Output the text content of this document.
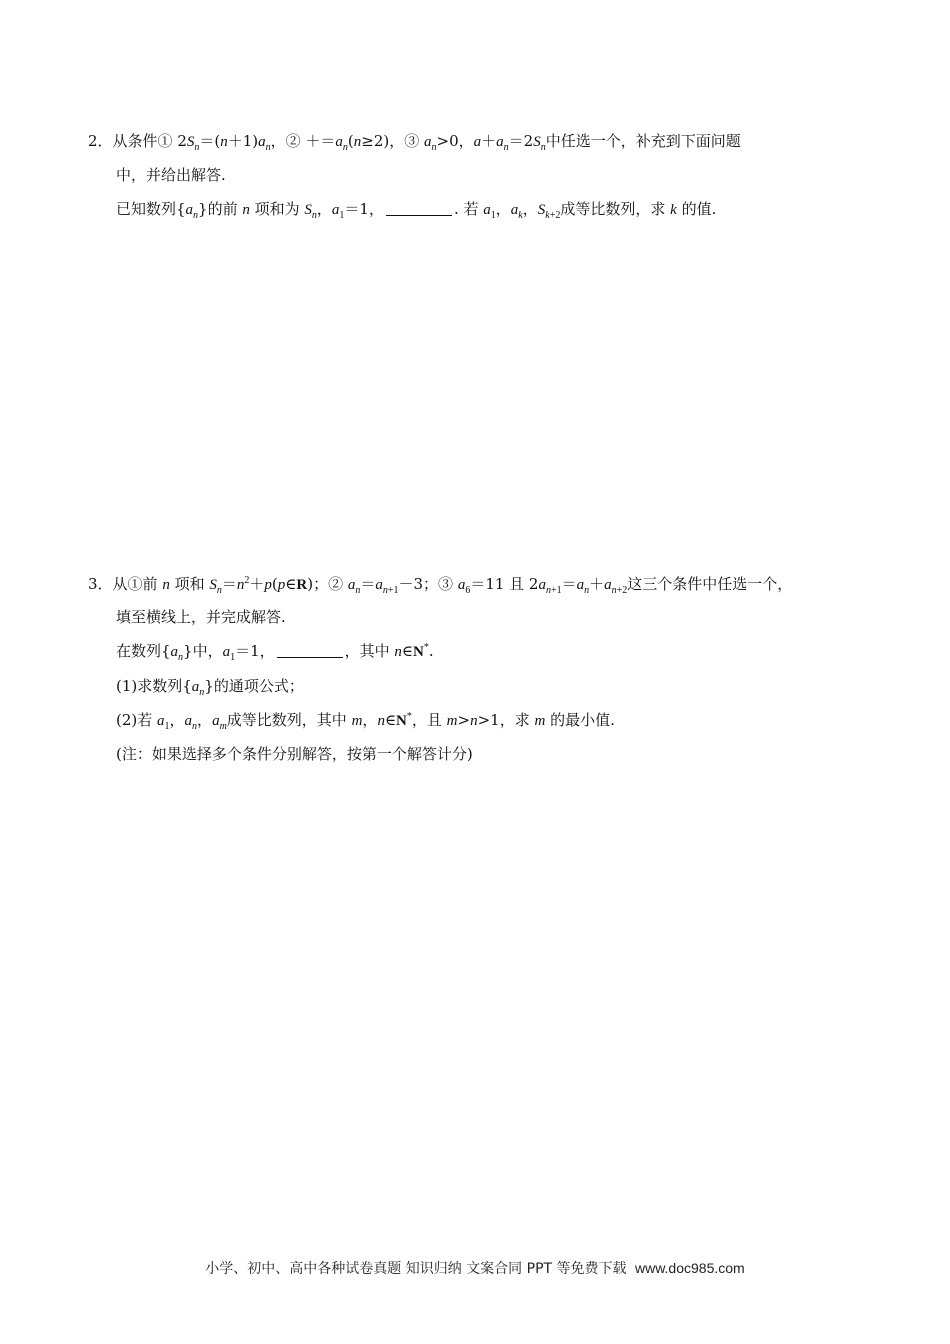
2．从条件① $2S_n=(n+1)a_n$，② $+=a_n(n\ge 2)$，③ $a_n>0$，$a+a_n=2S_n$中任选一个，补充到下面问题
中，并给出解答.
已知数列$\{a_n\}$的前 n 项和为 $S_n$，$a_1=1$，	. 若 $a_1$，$a_k$，$S_{k+2}$成等比数列，求 k 的值.
3．从①前 n 项和 $S_n=n^2+p(p\in R)$；② $a_n=a_{n+1}-3$；③ $a_6=11$ 且 $2a_{n+1}=a_n+a_{n+2}$这三个条件中任选一个，
填至横线上，并完成解答.
在数列$\{a_n\}$中，$a_1=1$，	，其中 n∈N*.
(1)求数列$\{a_n\}$的通项公式；
(2)若 $a_1$，$a_n$，$a_m$成等比数列，其中 m，n∈N*，且 m>n>1，求 m 的最小值.
(注：如果选择多个条件分别解答，按第一个解答计分)
小学、初中、高中各种试卷真题 知识归纳 文案合同 PPT 等免费下载 www.doc985.com
